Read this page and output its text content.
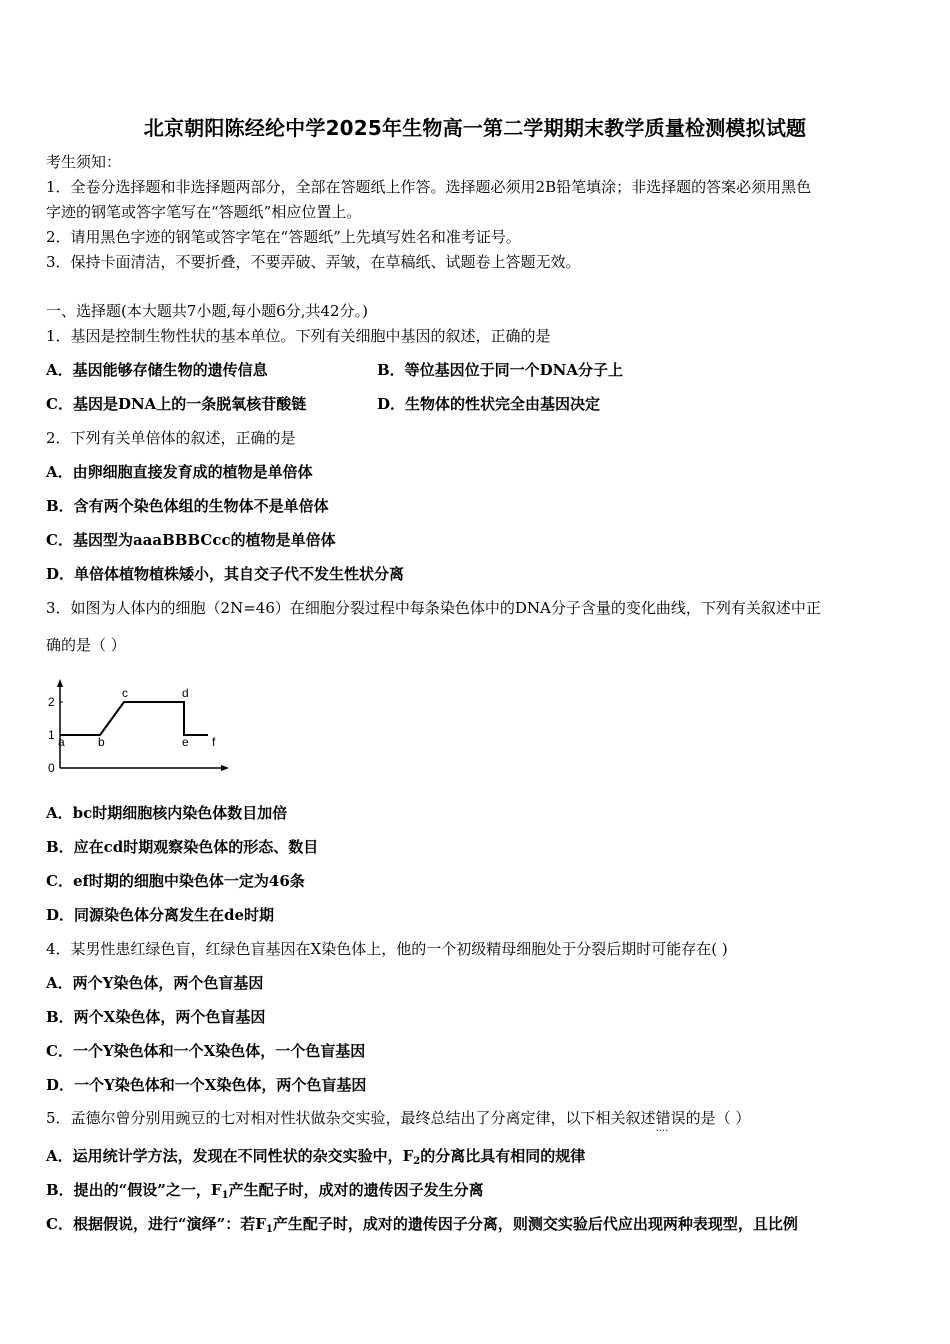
北京朝阳陈经纶中学2025年生物高一第二学期期末教学质量检测模拟试题
考生须知：
1．全卷分选择题和非选择题两部分，全部在答题纸上作答。选择题必须用2B铅笔填涂；非选择题的答案必须用黑色
字迹的钢笔或答字笔写在“答题纸”相应位置上。
2．请用黑色字迹的钢笔或答字笔在“答题纸”上先填写姓名和准考证号。
3．保持卡面清洁，不要折叠，不要弄破、弄皱，在草稿纸、试题卷上答题无效。
一、选择题(本大题共7小题,每小题6分,共42分。)
1．基因是控制生物性状的基本单位。下列有关细胞中基因的叙述，正确的是
A．基因能够存储生物的遗传信息	B．等位基因位于同一个DNA分子上
C．基因是DNA上的一条脱氧核苷酸链	D．生物体的性状完全由基因决定
2．下列有关单倍体的叙述，正确的是
A．由卵细胞直接发育成的植物是单倍体
B．含有两个染色体组的生物体不是单倍体
C．基因型为aaaBBBCcc的植物是单倍体
D．单倍体植物植株矮小，其自交子代不发生性状分离
3．如图为人体内的细胞（2N=46）在细胞分裂过程中每条染色体中的DNA分子含量的变化曲线，下列有关叙述中正
确的是（ ）
0
1
2
a	b
c	d
e f
A．bc时期细胞核内染色体数目加倍
B．应在cd时期观察染色体的形态、数目
C．ef时期的细胞中染色体一定为46条
D．同源染色体分离发生在de时期
4．某男性患红绿色盲，红绿色盲基因在X染色体上，他的一个初级精母细胞处于分裂后期时可能存在( )
A．两个Y染色体，两个色盲基因
B．两个X染色体，两个色盲基因
C．一个Y染色体和一个X染色体，一个色盲基因
D．一个Y染色体和一个X染色体，两个色盲基因
5．孟德尔曾分别用豌豆的七对相对性状做杂交实验，最终总结出了分离定律，以下相关叙述错误的 ....是（ ）
A．运用统计学方法，发现在不同性状的杂交实验中，$F_2$的分离比具有相同的规律
B．提出的“假设”之一，$F_1$产生配子时，成对的遗传因子发生分离
C．根据假说，进行“演绎”：若$F_1$产生配子时，成对的遗传因子分离，则测交实验后代应出现两种表现型，且比例
